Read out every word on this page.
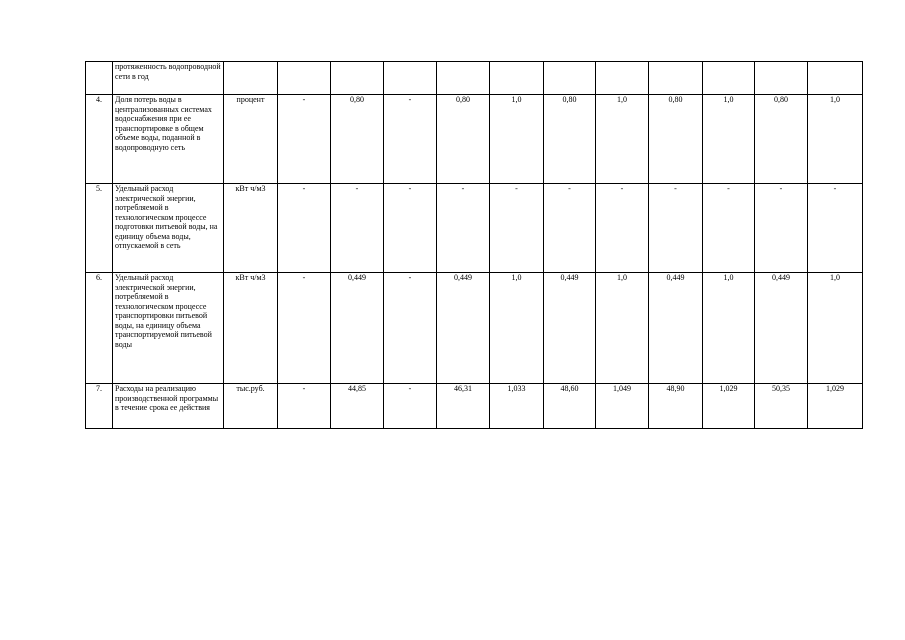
	протяженность водопроводной сети в год												
4.	Доля потерь воды в централизованных системах водоснабжения при ее транспортировке в общем объеме воды, поданной в водопроводную сеть	процент	-	0,80	-	0,80	1,0	0,80	1,0	0,80	1,0	0,80	1,0
5.	Удельный расход электрической энергии, потребляемой в технологическом процессе подготовки питьевой воды, на единицу объема воды, отпускаемой в сеть	кВт ч/м3	-	-	-	-	-	-	-	-	-	-	-
6.	Удельный расход электрической энергии, потребляемой в технологическом процессе транспортировки питьевой воды, на единицу объема транспортируемой питьевой воды	кВт ч/м3	-	0,449	-	0,449	1,0	0,449	1,0	0,449	1,0	0,449	1,0
7.	Расходы на реализацию производственной программы в течение срока ее действия	тыс.руб.	-	44,85	-	46,31	1,033	48,60	1,049	48,90	1,029	50,35	1,029
